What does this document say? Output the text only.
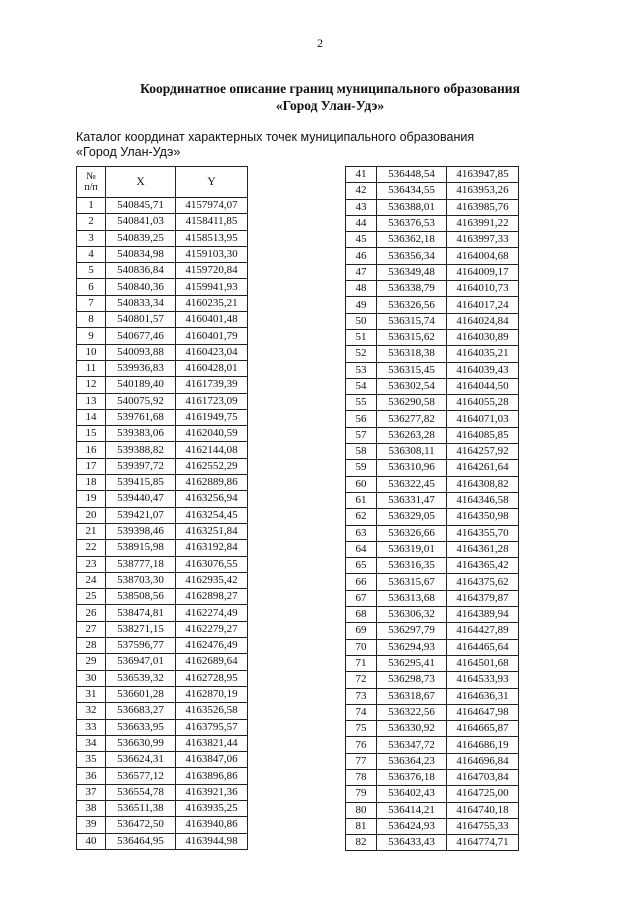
2
Координатное описание границ муниципального образования
«Город Улан-Удэ»
Каталог координат характерных точек муниципального образования
«Город Улан-Удэ»
№
п/п	X	Y
1	540845,71	4157974,07
2	540841,03	4158411,85
3	540839,25	4158513,95
4	540834,98	4159103,30
5	540836,84	4159720,84
6	540840,36	4159941,93
7	540833,34	4160235,21
8	540801,57	4160401,48
9	540677,46	4160401,79
10	540093,88	4160423,04
11	539936,83	4160428,01
12	540189,40	4161739,39
13	540075,92	4161723,09
14	539761,68	4161949,75
15	539383,06	4162040,59
16	539388,82	4162144,08
17	539397,72	4162552,29
18	539415,85	4162889,86
19	539440,47	4163256,94
20	539421,07	4163254,45
21	539398,46	4163251,84
22	538915,98	4163192,84
23	538777,18	4163076,55
24	538703,30	4162935,42
25	538508,56	4162898,27
26	538474,81	4162274,49
27	538271,15	4162279,27
28	537596,77	4162476,49
29	536947,01	4162689,64
30	536539,32	4162728,95
31	536601,28	4162870,19
32	536683,27	4163526,58
33	536633,95	4163795,57
34	536630,99	4163821,44
35	536624,31	4163847,06
36	536577,12	4163896,86
37	536554,78	4163921,36
38	536511,38	4163935,25
39	536472,50	4163940,86
40	536464,95	4163944,98
41	536448,54	4163947,85
42	536434,55	4163953,26
43	536388,01	4163985,76
44	536376,53	4163991,22
45	536362,18	4163997,33
46	536356,34	4164004,68
47	536349,48	4164009,17
48	536338,79	4164010,73
49	536326,56	4164017,24
50	536315,74	4164024,84
51	536315,62	4164030,89
52	536318,38	4164035,21
53	536315,45	4164039,43
54	536302,54	4164044,50
55	536290,58	4164055,28
56	536277,82	4164071,03
57	536263,28	4164085,85
58	536308,11	4164257,92
59	536310,96	4164261,64
60	536322,45	4164308,82
61	536331,47	4164346,58
62	536329,05	4164350,98
63	536326,66	4164355,70
64	536319,01	4164361,28
65	536316,35	4164365,42
66	536315,67	4164375,62
67	536313,68	4164379,87
68	536306,32	4164389,94
69	536297,79	4164427,89
70	536294,93	4164465,64
71	536295,41	4164501,68
72	536298,73	4164533,93
73	536318,67	4164636,31
74	536322,56	4164647,98
75	536330,92	4164665,87
76	536347,72	4164686,19
77	536364,23	4164696,84
78	536376,18	4164703,84
79	536402,43	4164725,00
80	536414,21	4164740,18
81	536424,93	4164755,33
82	536433,43	4164774,71
